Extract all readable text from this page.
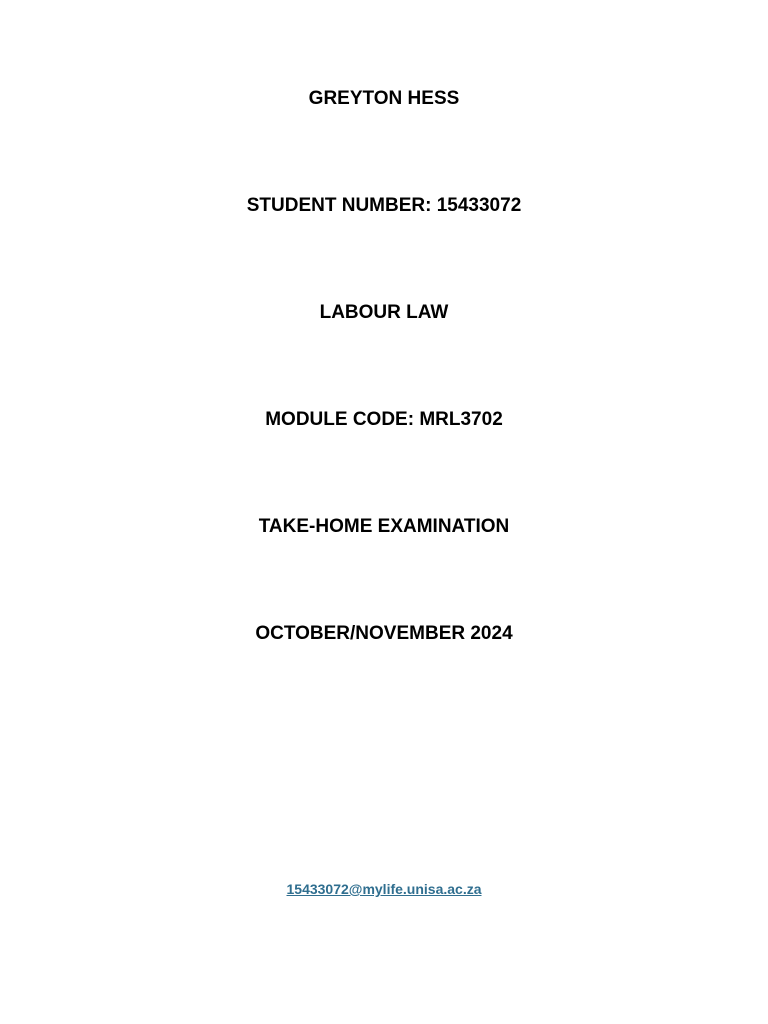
GREYTON HESS
STUDENT NUMBER: 15433072
LABOUR LAW
MODULE CODE: MRL3702
TAKE-HOME EXAMINATION
OCTOBER/NOVEMBER 2024
15433072@mylife.unisa.ac.za
